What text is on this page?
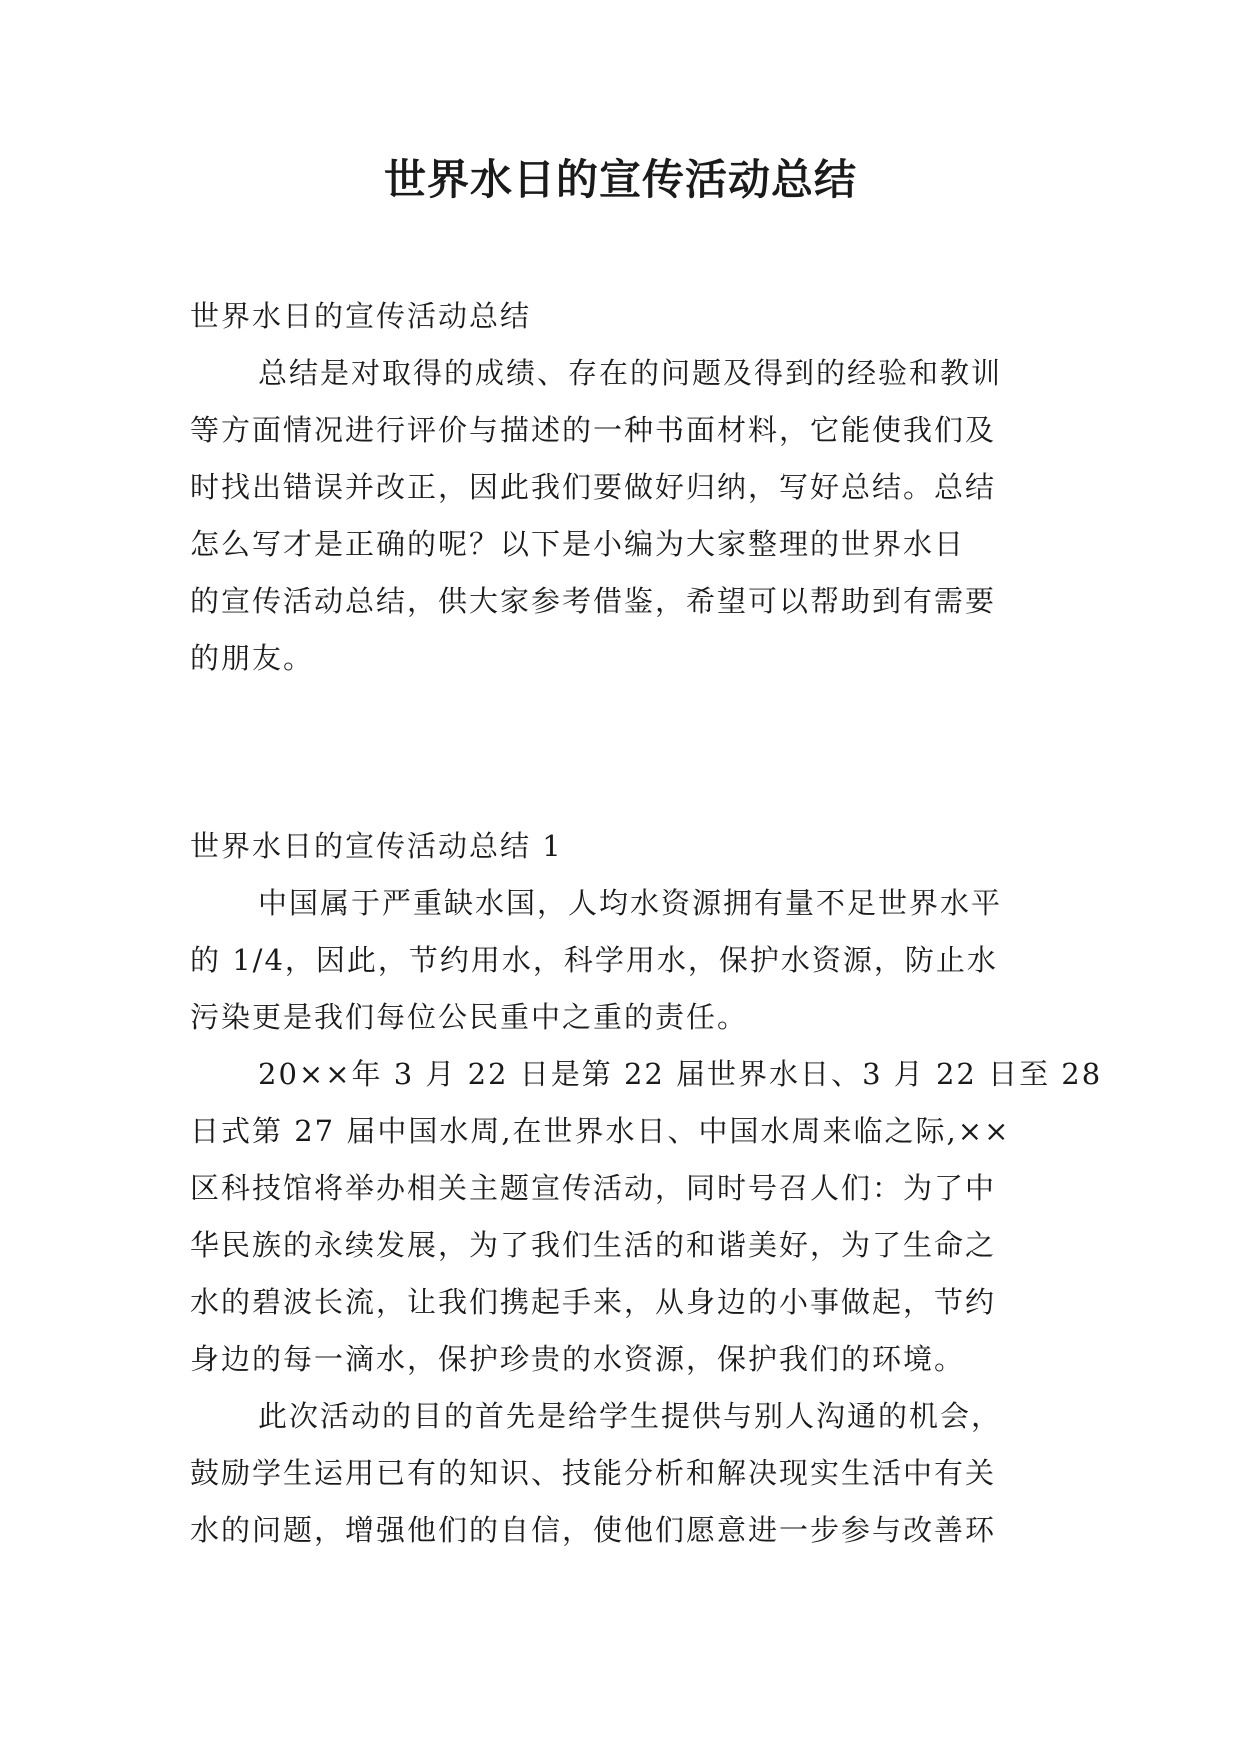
世界水日的宣传活动总结
世界水日的宣传活动总结
总结是对取得的成绩、存在的问题及得到的经验和教训
等方面情况进行评价与描述的一种书面材料，它能使我们及
时找出错误并改正，因此我们要做好归纳，写好总结。总结
怎么写才是正确的呢？以下是小编为大家整理的世界水日
的宣传活动总结，供大家参考借鉴，希望可以帮助到有需要
的朋友。
世界水日的宣传活动总结 1
中国属于严重缺水国，人均水资源拥有量不足世界水平
的 1/4，因此，节约用水，科学用水，保护水资源，防止水
污染更是我们每位公民重中之重的责任。
20××年 3 月 22 日是第 22 届世界水日、3 月 22 日至 28
日式第 27 届中国水周,在世界水日、中国水周来临之际,××
区科技馆将举办相关主题宣传活动，同时号召人们：为了中
华民族的永续发展，为了我们生活的和谐美好，为了生命之
水的碧波长流，让我们携起手来，从身边的小事做起，节约
身边的每一滴水，保护珍贵的水资源，保护我们的环境。
此次活动的目的首先是给学生提供与别人沟通的机会，
鼓励学生运用已有的知识、技能分析和解决现实生活中有关
水的问题，增强他们的自信，使他们愿意进一步参与改善环
